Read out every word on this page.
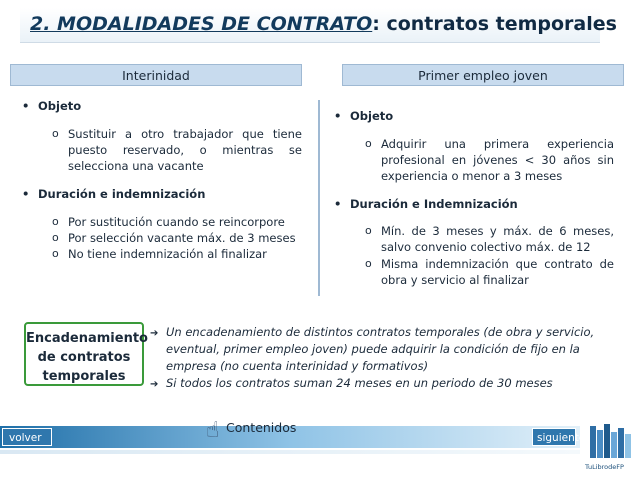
2. MODALIDADES DE CONTRATO: contratos temporales
Interinidad	Primer empleo joven
• Objeto
o Sustituir a otro trabajador que tiene puesto reservado, o mientras se selecciona una vacante
• Duración e indemnización
o Por sustitución cuando se reincorpore
o Por selección vacante máx. de 3 meses
o No tiene indemnización al finalizar
• Objeto
o Adquirir una primera experiencia profesional en jóvenes < 30 años sin experiencia o menor a 3 meses
• Duración e Indemnización
o Mín. de 3 meses y máx. de 6 meses, salvo convenio colectivo máx. de 12
o Misma indemnización que contrato de obra y servicio al finalizar
Encadenamiento
de contratos
temporales
➔ Un encadenamiento de distintos contratos temporales (de obra y servicio, eventual, primer empleo joven) puede adquirir la condición de fijo en la empresa (no cuenta interinidad y formativos)
➔ Si todos los contratos suman 24 meses en un periodo de 30 meses
volver	☝ Contenidos
siguiente
TuLibrodeFP
